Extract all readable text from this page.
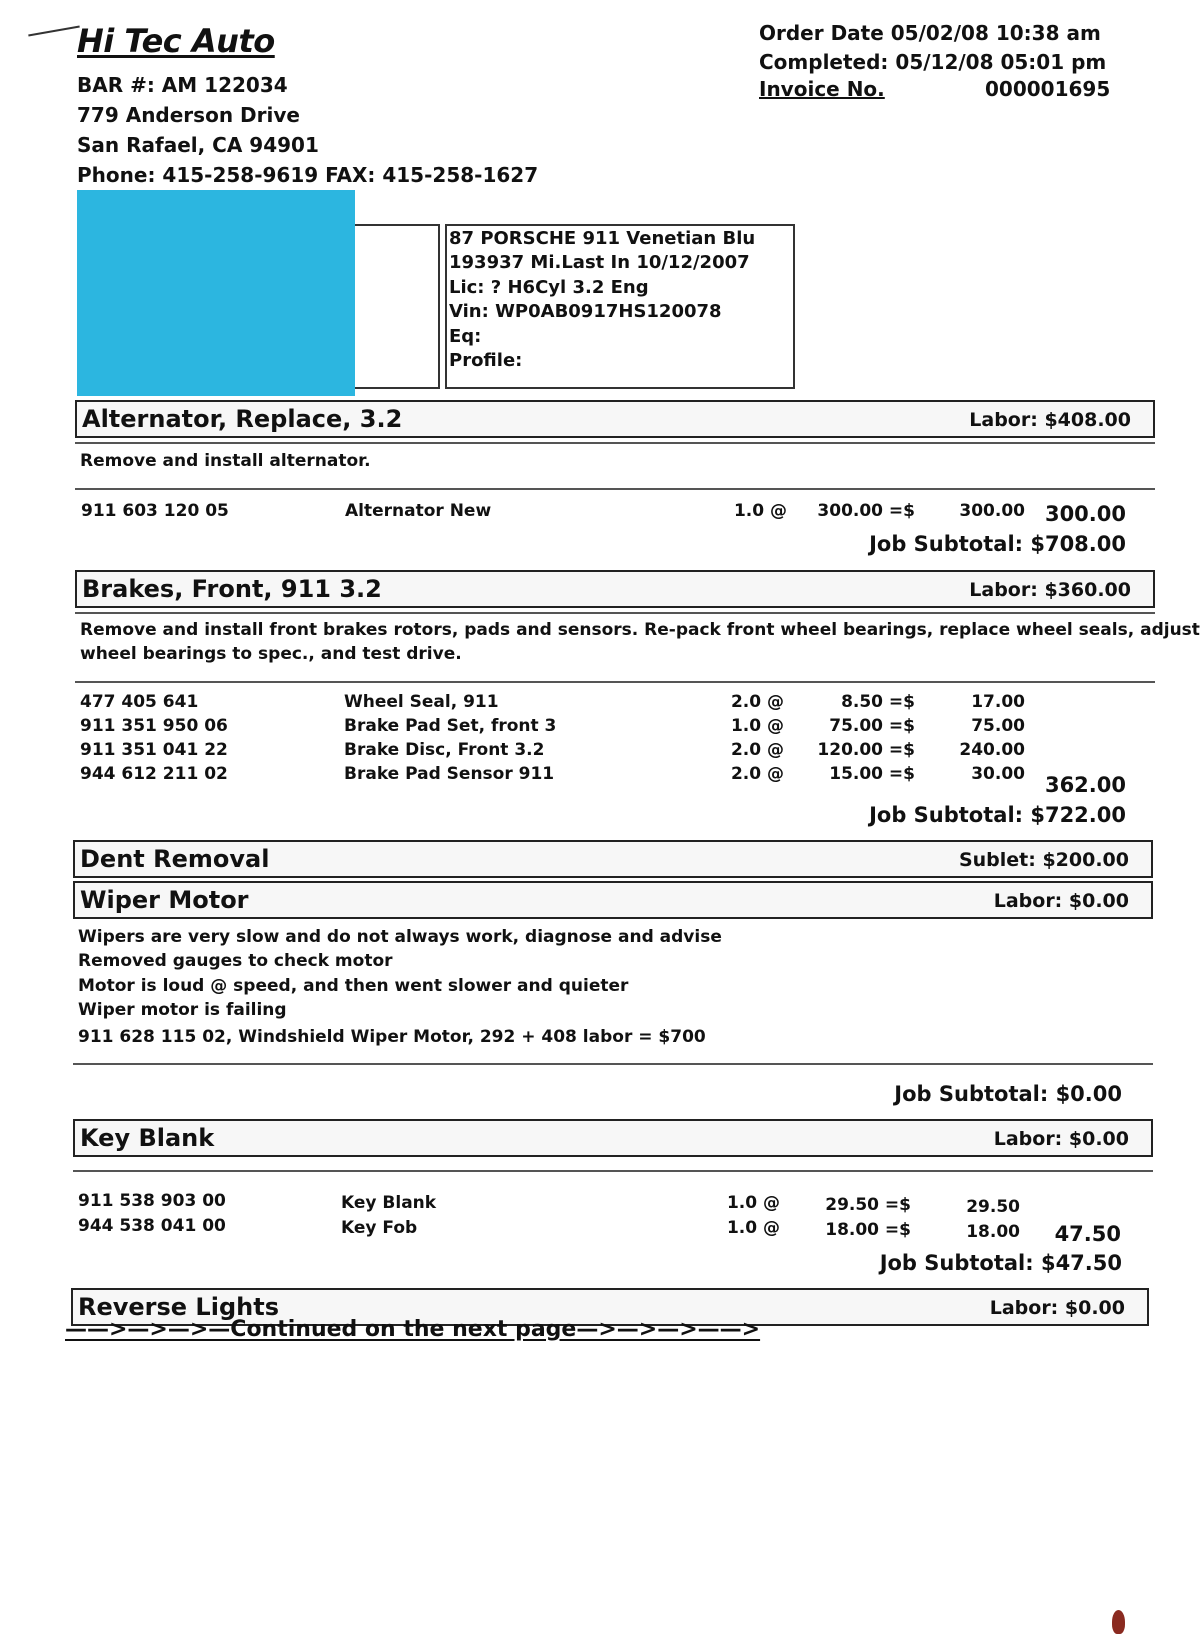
Hi Tec Auto
BAR #: AM 122034
779 Anderson Drive
San Rafael, CA 94901
Phone: 415-258-9619 FAX: 415-258-1627
Order Date 05/02/08 10:38 am
Completed: 05/12/08 05:01 pm
Invoice No.	000001695
87 PORSCHE 911 Venetian Blu
193937 Mi.Last In 10/12/2007
Lic: ? H6Cyl 3.2 Eng
Vin: WP0AB0917HS120078
Eq:
Profile:
Alternator, Replace, 3.2	Labor: $408.00
Remove and install alternator.
911 603 120 05	Alternator New	1.0 @	300.00 =$	300.00 300.00
Job Subtotal: $708.00
Brakes, Front, 911 3.2	Labor: $360.00
Remove and install front brakes rotors, pads and sensors. Re-pack front wheel bearings, replace wheel seals, adjust
wheel bearings to spec., and test drive.
477 405 641	Wheel Seal, 911	2.0 @	8.50 =$	17.00
911 351 950 06	Brake Pad Set, front 3	1.0 @	75.00 =$	75.00
911 351 041 22	Brake Disc, Front 3.2	2.0 @	120.00 =$	240.00
944 612 211 02	Brake Pad Sensor 911	2.0 @	15.00 =$	30.00 362.00
Job Subtotal: $722.00
Dent Removal	Sublet: $200.00
Wiper Motor	Labor: $0.00
Wipers are very slow and do not always work, diagnose and advise
Removed gauges to check motor
Motor is loud @ speed, and then went slower and quieter
Wiper motor is failing
911 628 115 02, Windshield Wiper Motor, 292 + 408 labor = $700
Job Subtotal: $0.00
Key Blank	Labor: $0.00
911 538 903 00	Key Blank	1.0 @	29.50 =$	29.50
944 538 041 00	Key Fob	1.0 @	18.00 =$	18.00	47.50
Job Subtotal: $47.50
Reverse Lights	Labor: $0.00
——>—>—>—Continued on the next page—>—>—>——>
